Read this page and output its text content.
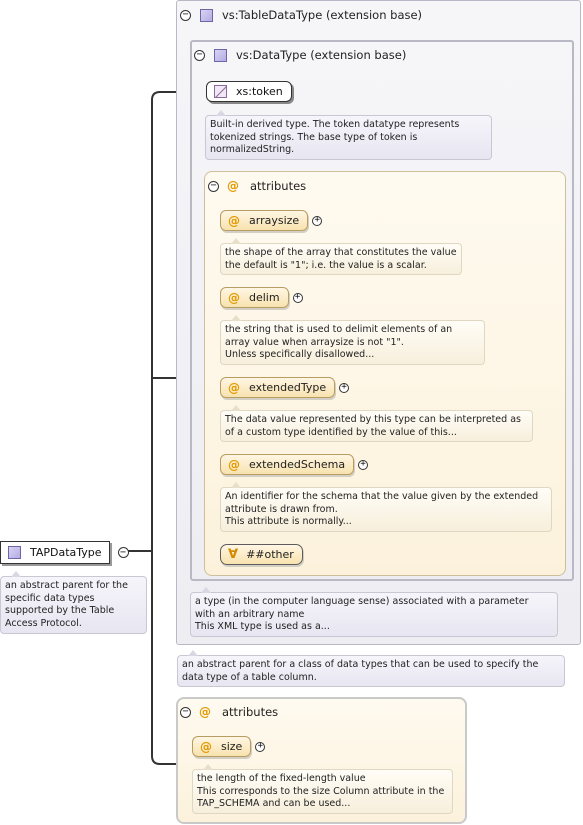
−	vs:TableDataType (extension base)
−	vs:DataType (extension base)
xs:token
Built-in derived type. The token datatype represents
tokenized strings. The base type of token is
normalizedString.
− @ attributes
@ arraysize +
the shape of the array that constitutes the value
the default is "1"; i.e. the value is a scalar.
@ delim +
the string that is used to delimit elements of an
array value when arraysize is not "1".
Unless specifically disallowed...
@ extendedType +
The data value represented by this type can be interpreted as
of a custom type identified by the value of this...
@ extendedSchema +
An identifier for the schema that the value given by the extended
attribute is drawn from.
This attribute is normally...
∀ ##other
a type (in the computer language sense) associated with a parameter
with an arbitrary name
This XML type is used as a...
an abstract parent for a class of data types that can be used to specify the
data type of a table column.
TAPDataType −
an abstract parent for the
specific data types
supported by the Table
Access Protocol.
− @ attributes
@ size +
the length of the fixed-length value
This corresponds to the size Column attribute in the
TAP_SCHEMA and can be used...
